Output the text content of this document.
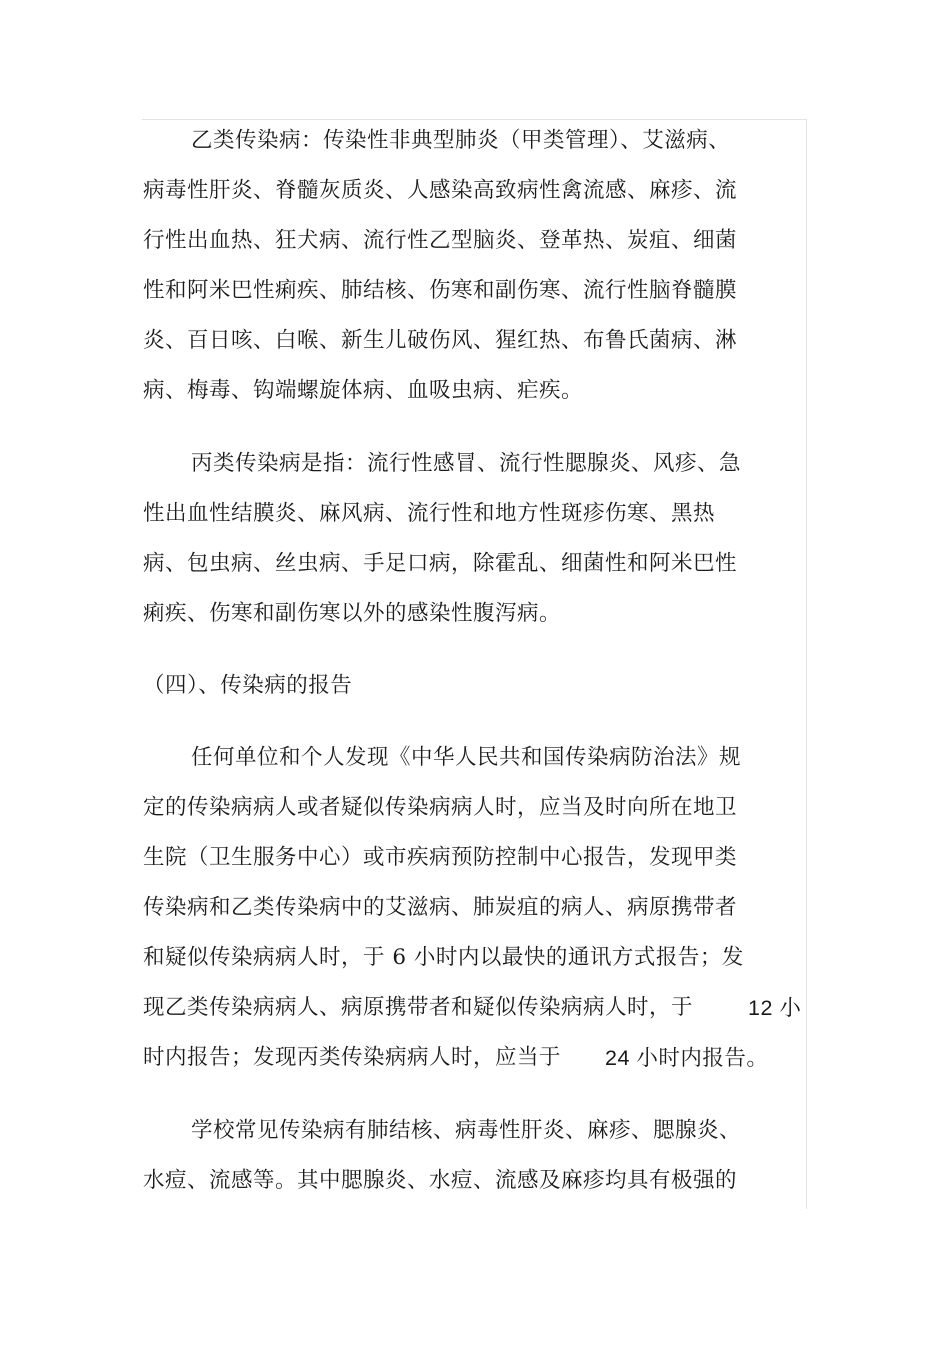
乙类传染病：传染性非典型肺炎（甲类管理）、艾滋病、
病毒性肝炎、脊髓灰质炎、人感染高致病性禽流感、麻疹、流
行性出血热、狂犬病、流行性乙型脑炎、登革热、炭疽、细菌
性和阿米巴性痢疾、肺结核、伤寒和副伤寒、流行性脑脊髓膜
炎、百日咳、白喉、新生儿破伤风、猩红热、布鲁氏菌病、淋
病、梅毒、钩端螺旋体病、血吸虫病、疟疾。
丙类传染病是指：流行性感冒、流行性腮腺炎、风疹、急
性出血性结膜炎、麻风病、流行性和地方性斑疹伤寒、黑热
病、包虫病、丝虫病、手足口病，除霍乱、细菌性和阿米巴性
痢疾、伤寒和副伤寒以外的感染性腹泻病。
（四）、传染病的报告
任何单位和个人发现《中华人民共和国传染病防治法》规
定的传染病病人或者疑似传染病病人时，应当及时向所在地卫
生院（卫生服务中心）或市疾病预防控制中心报告，发现甲类
传染病和乙类传染病中的艾滋病、肺炭疽的病人、病原携带者
和疑似传染病病人时，于 6 小时内以最快的通讯方式报告；发
现乙类传染病病人、病原携带者和疑似传染病病人时，于	12 小
时内报告；发现丙类传染病病人时，应当于 24 小时内报告。
学校常见传染病有肺结核、病毒性肝炎、麻疹、腮腺炎、
水痘、流感等。其中腮腺炎、水痘、流感及麻疹均具有极强的
